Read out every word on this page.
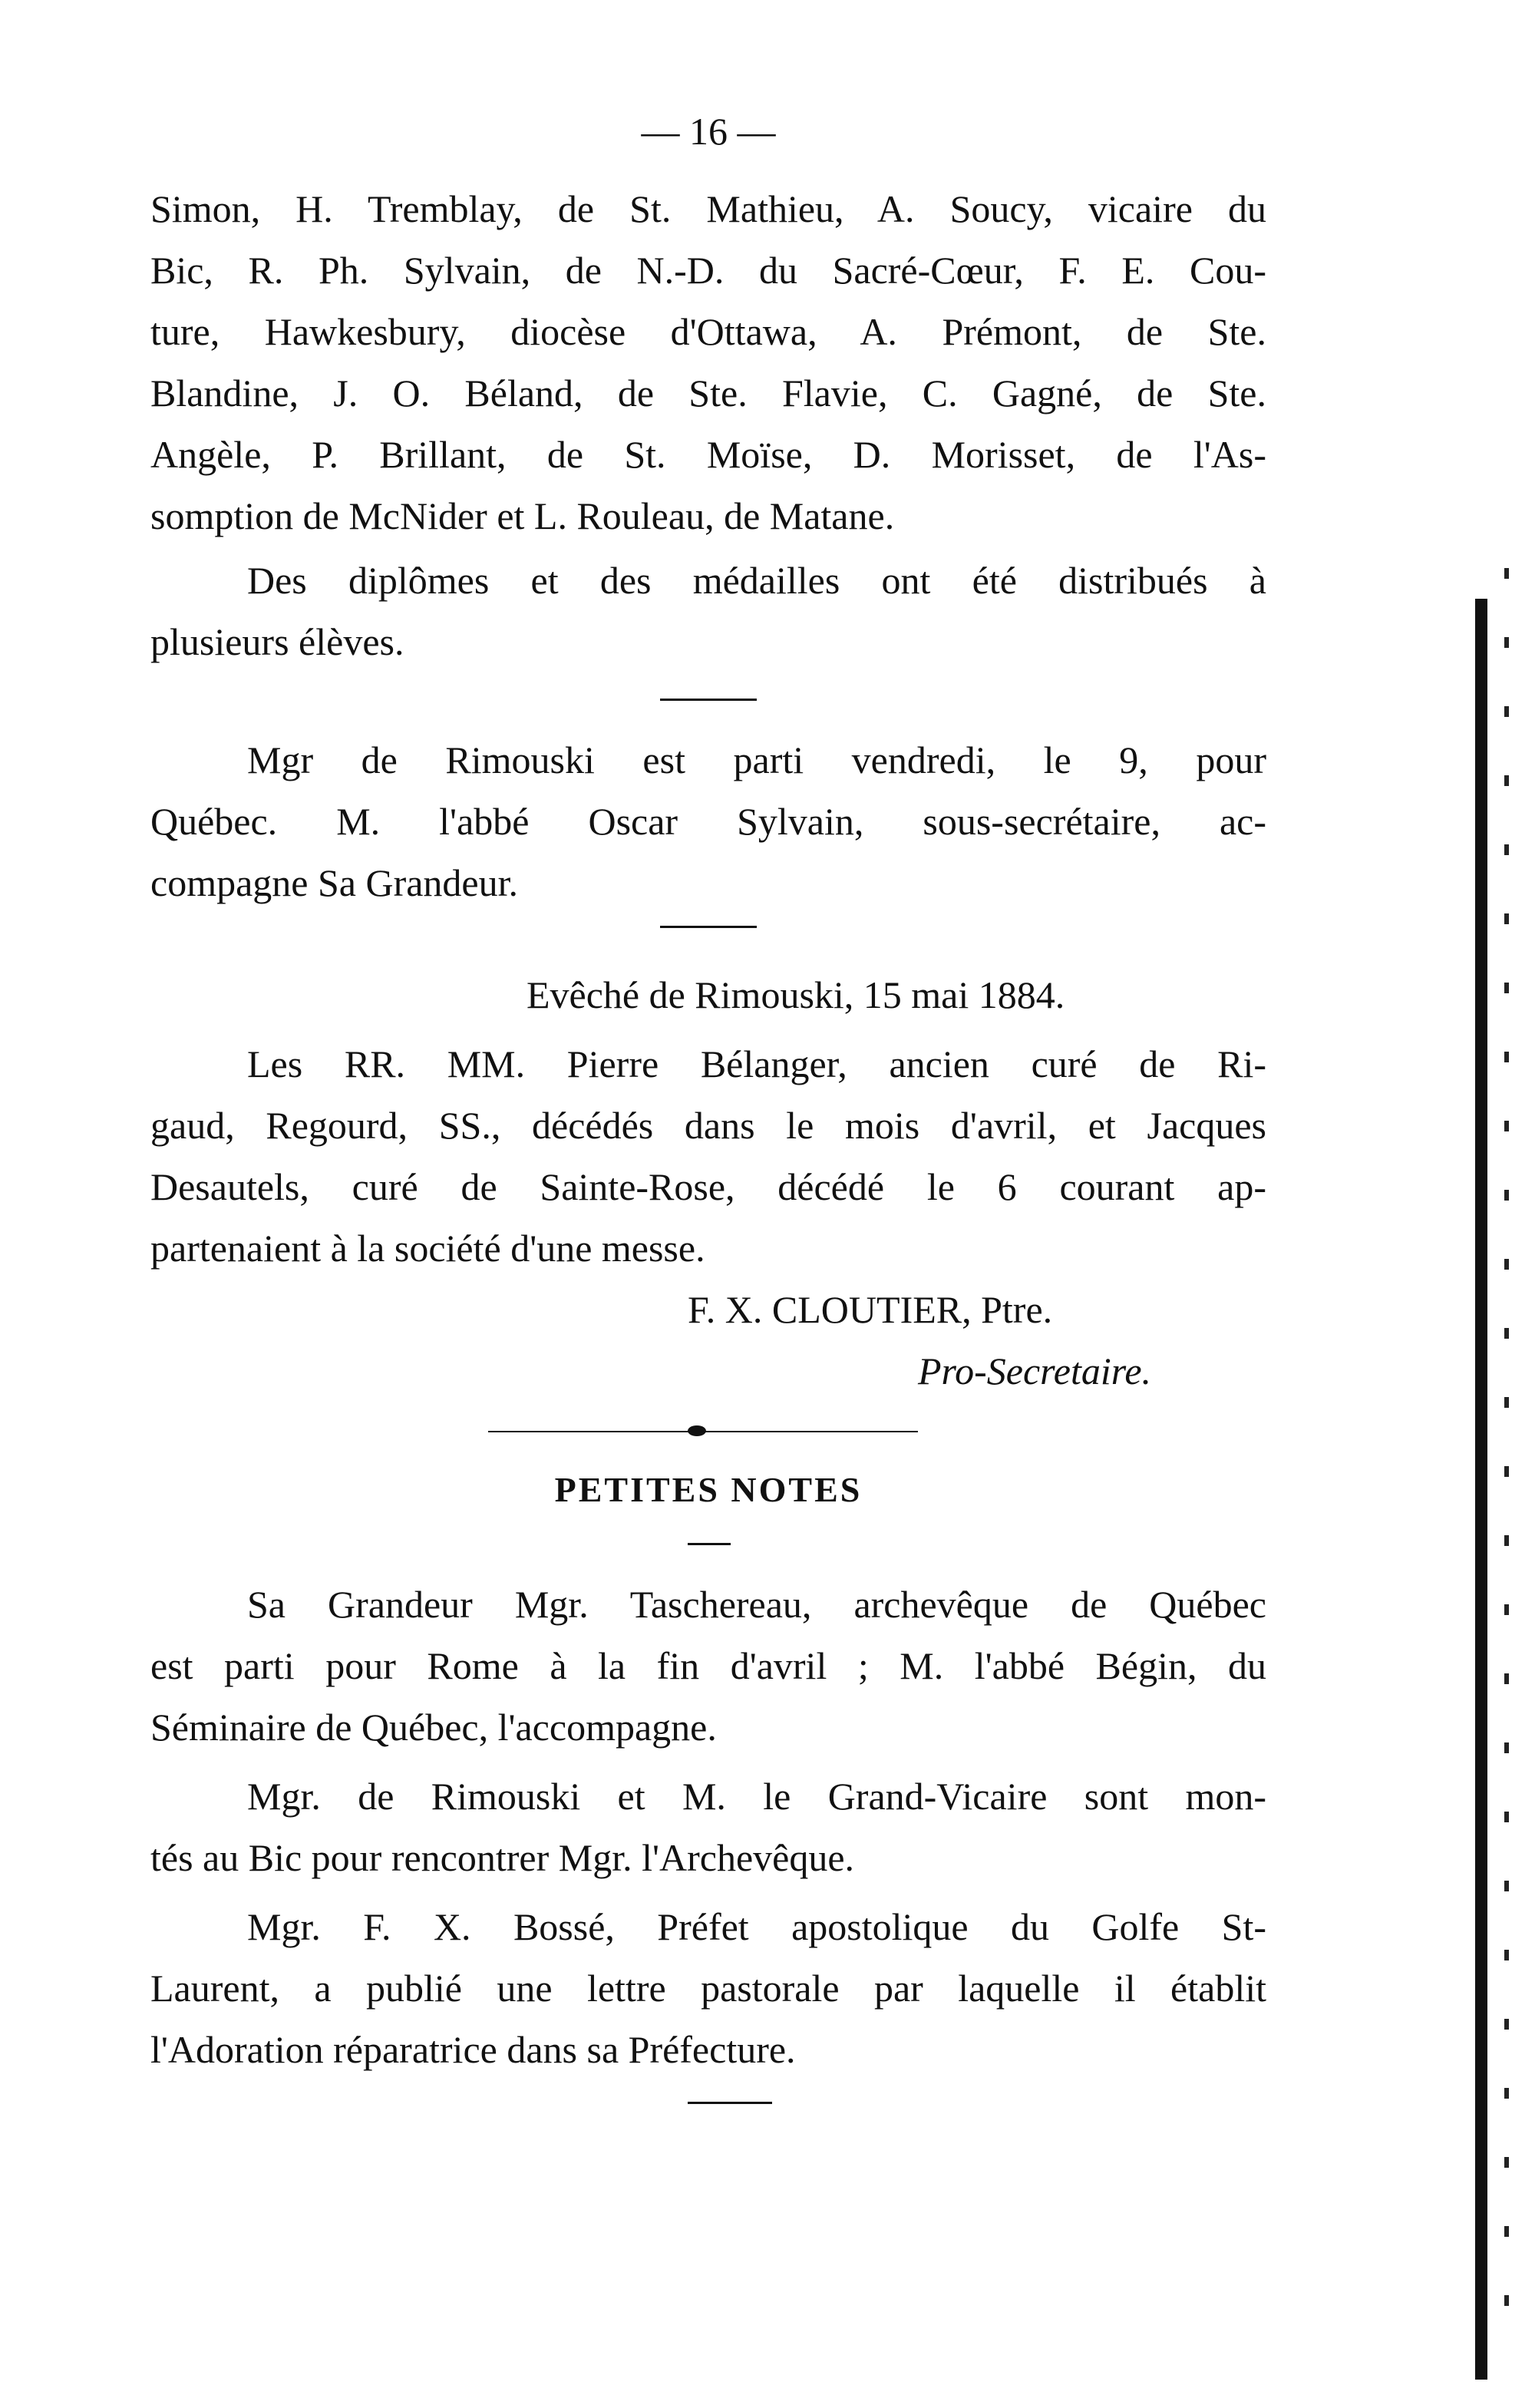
— 16 —

Simon, H. Tremblay, de St. Mathieu, A. Soucy, vicaire du

Bic, R. Ph. Sylvain, de N.-D. du Sacré-Cœur, F. E. Cou-

ture, Hawkesbury, diocèse d'Ottawa, A. Prémont, de Ste.

Blandine, J. O. Béland, de Ste. Flavie, C. Gagné, de Ste.

Angèle, P. Brillant, de St. Moïse, D. Morisset, de l'As-

somption de McNider et L. Rouleau, de Matane.

Des diplômes et des médailles ont été distribués à

plusieurs élèves.

Mgr de Rimouski est parti vendredi, le 9, pour

Québec. M. l'abbé Oscar Sylvain, sous-secrétaire, ac-

compagne Sa Grandeur.

Evêché de Rimouski, 15 mai 1884.

Les RR. MM. Pierre Bélanger, ancien curé de Ri-

gaud, Regourd, SS., décédés dans le mois d'avril, et Jacques

Desautels, curé de Sainte-Rose, décédé le 6 courant ap-

partenaient à la société d'une messe.

F. X. CLOUTIER, Ptre.
Pro-Secretaire.
PETITES NOTES

Sa Grandeur Mgr. Taschereau, archevêque de Québec

est parti pour Rome à la fin d'avril ; M. l'abbé Bégin, du

Séminaire de Québec, l'accompagne.

Mgr. de Rimouski et M. le Grand-Vicaire sont mon-

tés au Bic pour rencontrer Mgr. l'Archevêque.

Mgr. F. X. Bossé, Préfet apostolique du Golfe St-

Laurent, a publié une lettre pastorale par laquelle il établit

l'Adoration réparatrice dans sa Préfecture.
